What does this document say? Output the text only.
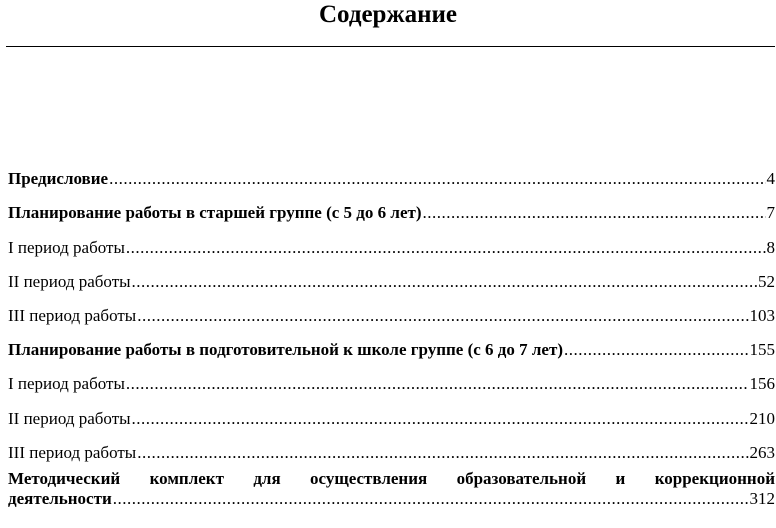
Содержание
Предисловие .....	4
Планирование работы в старшей группе (с 5 до 6 лет) .....	7
I период работы .....	8
II период работы .....	52
III период работы .....	103
Планирование работы в подготовительной к школе группе (с 6 до 7 лет) .....	155
I период работы .....	156
II период работы .....	210
III период работы .....	263
Методический комплект для осуществления образовательной и коррекционной
деятельности .....	312
